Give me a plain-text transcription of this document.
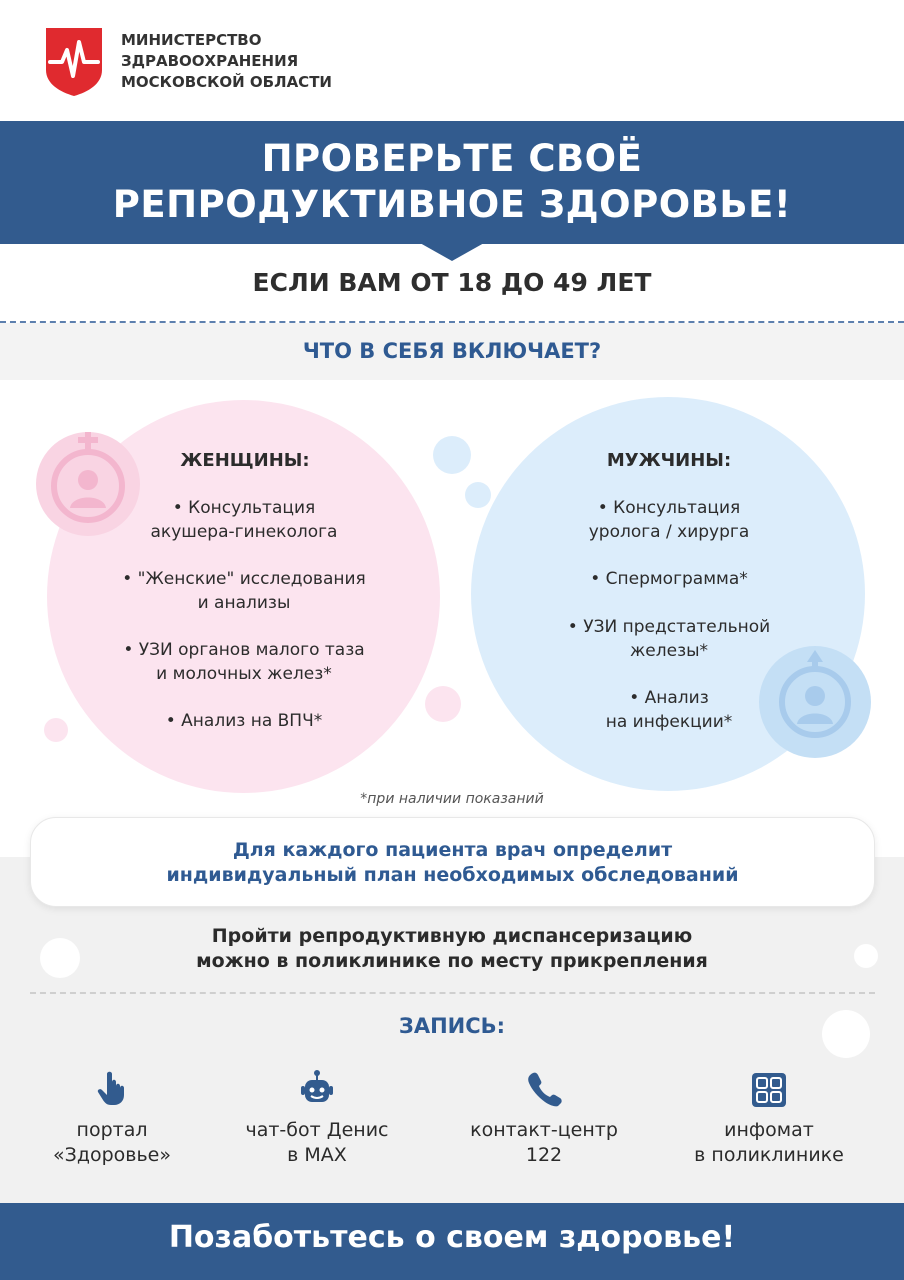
МИНИСТЕРСТВО
ЗДРАВООХРАНЕНИЯ
МОСКОВСКОЙ ОБЛАСТИ
ПРОВЕРЬТЕ СВОЁ
РЕПРОДУКТИВНОЕ ЗДОРОВЬЕ!
ЕСЛИ ВАМ ОТ 18 ДО 49 ЛЕТ
ЧТО В СЕБЯ ВКЛЮЧАЕТ?
ЖЕНЩИНЫ:
• Консультация
акушера-гинеколога
• "Женские" исследования
и анализы
• УЗИ органов малого таза
и молочных желез*
• Анализ на ВПЧ*
МУЖЧИНЫ:
• Консультация
уролога / хирурга
• Спермограмма*
• УЗИ предстательной
железы*
• Анализ
на инфекции*
*при наличии показаний
Для каждого пациента врач определит
индивидуальный план необходимых обследований
Пройти репродуктивную диспансеризацию
можно в поликлинике по месту прикрепления
ЗАПИСЬ:
портал
«Здоровье»
чат-бот Денис
в MAX
контакт-центр
122
инфомат
в поликлинике
Позаботьтесь о своем здоровье!
